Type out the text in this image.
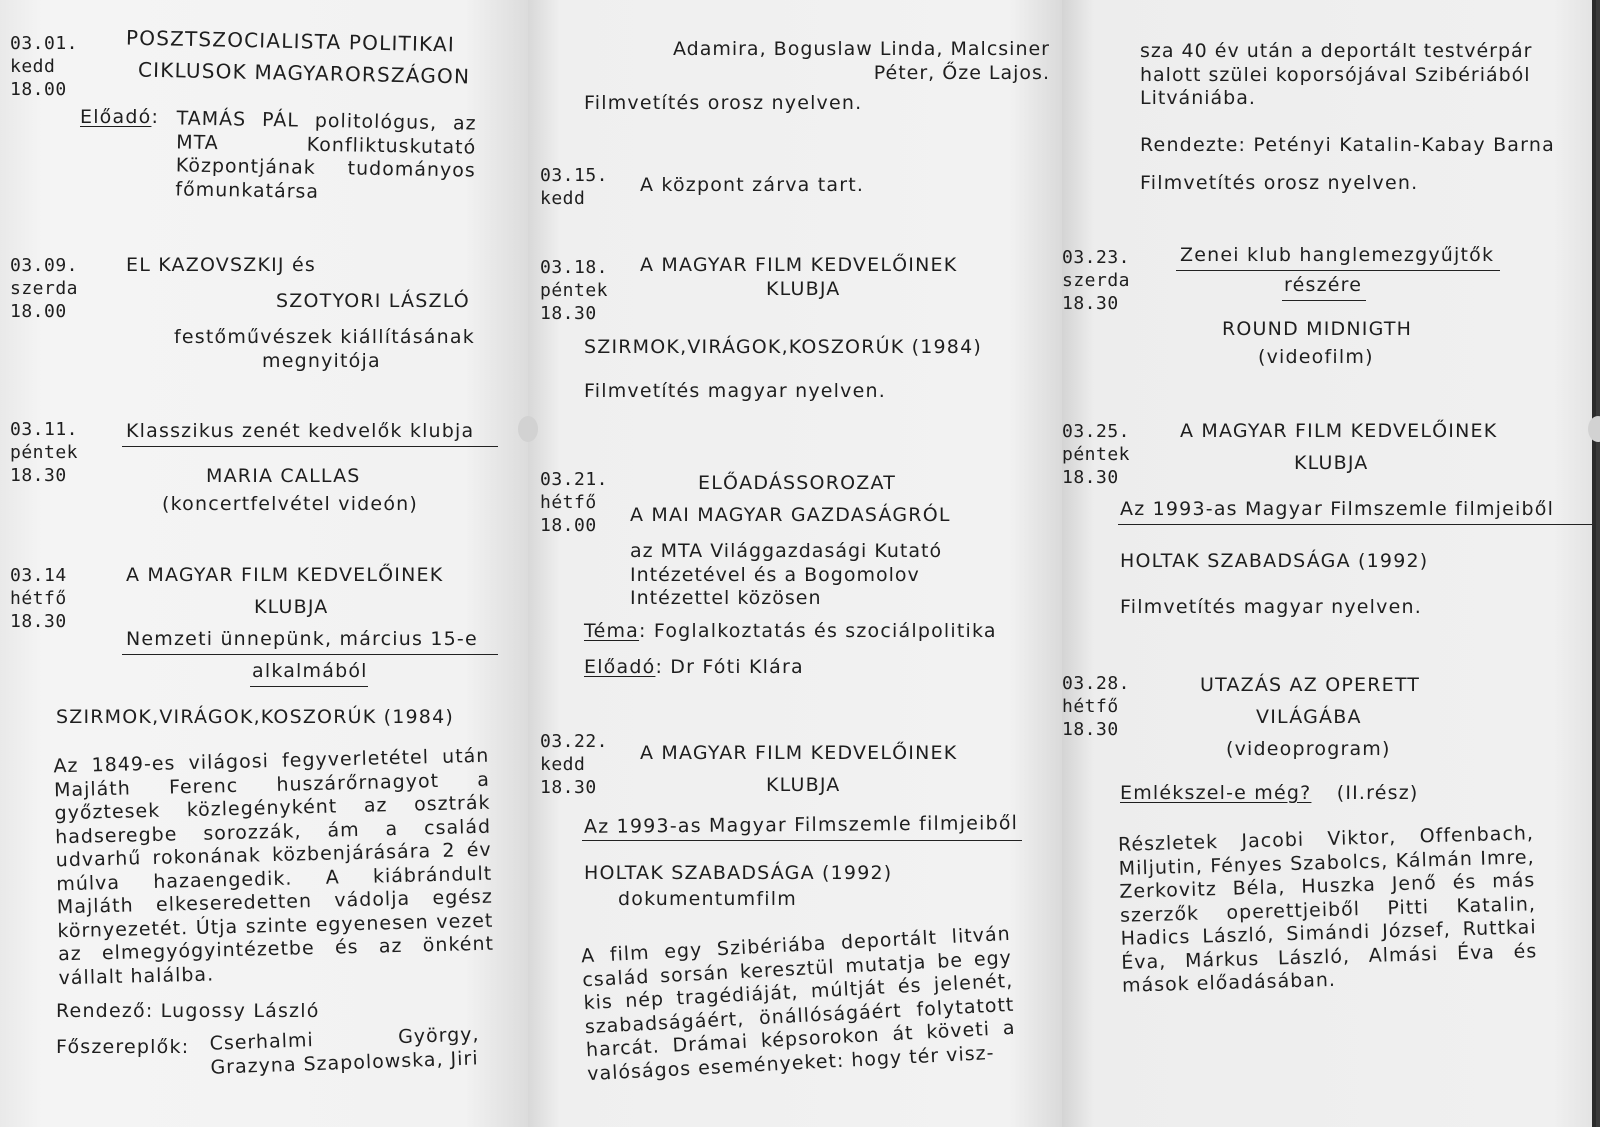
03.01.
kedd
18.00
POSZTSZOCIALISTA POLITIKAI
CIKLUSOK MAGYARORSZÁGON
Előadó: TAMÁS PÁL politológus, az MTA Konfliktuskutató Központjának tudományos főmunkatársa
03.09.
szerda
18.00
EL KAZOVSZKIJ és
SZOTYORI LÁSZLÓ
festőművészek kiállításának
megnyitója
03.11.
péntek
18.30
Klasszikus zenét kedvelők klubja
MARIA CALLAS
(koncertfelvétel videón)
03.14
hétfő
18.30
A MAGYAR FILM KEDVELŐINEK
KLUBJA
Nemzeti ünnepünk, március 15-e
alkalmából
SZIRMOK,VIRÁGOK,KOSZORÚK (1984)
Az 1849-es világosi fegyverletétel után Majláth Ferenc huszárőrnagyot a győztesek közlegényként az osztrák hadseregbe sorozzák, ám a család udvarhű rokonának közbenjárására 2 év múlva hazaengedik. A kiábrándult Majláth elkeseredetten vádolja egész környezetét. Útja szinte egyenesen vezet az elmegyógyintézetbe és az önként vállalt halálba.
Rendező: Lugossy László
Főszereplők: Cserhalmi György, Grazyna Szapolowska, Jiri
Adamira, Boguslaw Linda, Malcsiner Péter, Őze Lajos.
Filmvetítés orosz nyelven.
03.15.
kedd
A központ zárva tart.
03.18.
péntek
18.30
A MAGYAR FILM KEDVELŐINEK
KLUBJA
SZIRMOK,VIRÁGOK,KOSZORÚK (1984)
Filmvetítés magyar nyelven.
03.21.
hétfő
18.00
ELŐADÁSSOROZAT
A MAI MAGYAR GAZDASÁGRÓL
az MTA Világgazdasági Kutató Intézetével és a Bogomolov Intézettel közösen
Téma: Foglalkoztatás és szociálpolitika
Előadó: Dr Fóti Klára
03.22.
kedd
18.30
A MAGYAR FILM KEDVELŐINEK
KLUBJA
Az 1993-as Magyar Filmszemle filmjeiből
HOLTAK SZABADSÁGA (1992)
dokumentumfilm
A film egy Szibériába deportált litván család sorsán keresztül mutatja be egy kis nép tragédiáját, múltját és jelenét, szabadságáért, önállóságáért folytatott harcát. Drámai képsorokon át követi a valóságos eseményeket: hogy tér visz-
sza 40 év után a deportált testvérpár halott szülei koporsójával Szibériából Litvániába.
Rendezte: Petényi Katalin-Kabay Barna
Filmvetítés orosz nyelven.
03.23.
szerda
18.30
Zenei klub hanglemezgyűjtők
részére
ROUND MIDNIGTH
(videofilm)
03.25.
péntek
18.30
A MAGYAR FILM KEDVELŐINEK
KLUBJA
Az 1993-as Magyar Filmszemle filmjeiből
HOLTAK SZABADSÁGA (1992)
Filmvetítés magyar nyelven.
03.28.
hétfő
18.30
UTAZÁS AZ OPERETT
VILÁGÁBA
(videoprogram)
Emlékszel-e még? (II.rész)
Részletek Jacobi Viktor, Offenbach, Miljutin, Fényes Szabolcs, Kálmán Imre, Zerkovitz Béla, Huszka Jenő és más szerzők operettjeiből Pitti Katalin, Hadics László, Simándi József, Ruttkai Éva, Márkus László, Almási Éva és mások előadásában.
